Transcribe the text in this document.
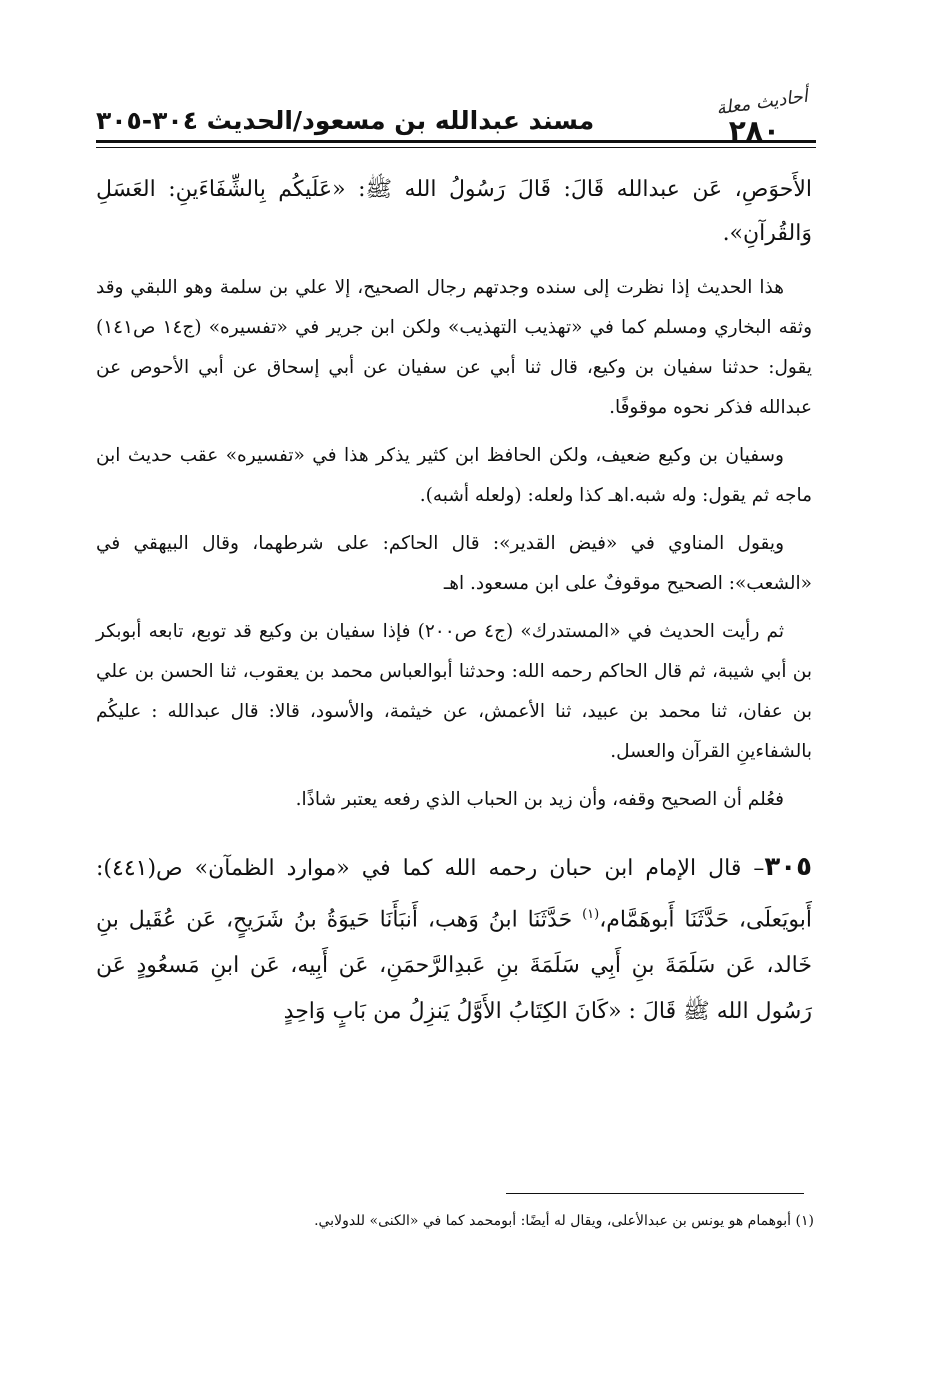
أحاديث معلة
٢٨٠
مسند عبدالله بن مسعود/الحديث ٣٠٤-٣٠٥

الأَحوَصِ، عَن عبدالله قَالَ: قَالَ رَسُولُ الله ﷺ: «عَلَيكُم بِالشِّفَاءَينِ: العَسَلِ وَالقُرآنِ».

هذا الحديث إذا نظرت إلى سنده وجدتهم رجال الصحيح، إلا علي بن سلمة وهو اللبقي وقد وثقه البخاري ومسلم كما في «تهذيب التهذيب» ولكن ابن جرير في «تفسيره» (ج١٤ ص١٤١) يقول: حدثنا سفيان بن وكيع، قال ثنا أبي عن سفيان عن أبي إسحاق عن أبي الأحوص عن عبدالله فذكر نحوه موقوفًا.

وسفيان بن وكيع ضعيف، ولكن الحافظ ابن كثير يذكر هذا في «تفسيره» عقب حديث ابن ماجه ثم يقول: وله شبه.اهـ كذا ولعله: (ولعله أشبه).

ويقول المناوي في «فيض القدير»: قال الحاكم: على شرطهما، وقال البيهقي في «الشعب»: الصحيح موقوفٌ على ابن مسعود. اهـ

ثم رأيت الحديث في «المستدرك» (ج٤ ص٢٠٠) فإذا سفيان بن وكيع قد توبع، تابعه أبوبكر بن أبي شيبة، ثم قال الحاكم رحمه الله: وحدثنا أبوالعباس محمد بن يعقوب، ثنا الحسن بن علي بن عفان، ثنا محمد بن عبيد، ثنا الأعمش، عن خيثمة، والأسود، قالا: قال عبدالله : عليكُم بالشفاءينِ القرآن والعسل.

فعُلم أن الصحيح وقفه، وأن زيد بن الحباب الذي رفعه يعتبر شاذًا.

٣٠٥– قال الإمام ابن حبان رحمه الله كما في «موارد الظمآن» ص(٤٤١): أَبويَعلَى، حَدَّثَنَا أَبوهَمَّام،$^{(١)}$ حَدَّثَنَا ابنُ وَهب، أَنبَأَنَا حَيوَةُ بنُ شَرَيحٍ، عَن عُقَيل بنِ خَالد، عَن سَلَمَةَ بنِ أَبِي سَلَمَةَ بنِ عَبدِالرَّحمَنِ، عَن أَبِيه، عَن ابنِ مَسعُودٍ عَن رَسُول الله ﷺ قَالَ : «كَانَ الكِتَابُ الأَوَّلُ يَنزِلُ من بَابٍ وَاحِدٍ

(١) أبوهمام هو يونس بن عبدالأعلى، ويقال له أيضًا: أبومحمد كما في «الكنى» للدولابي.
